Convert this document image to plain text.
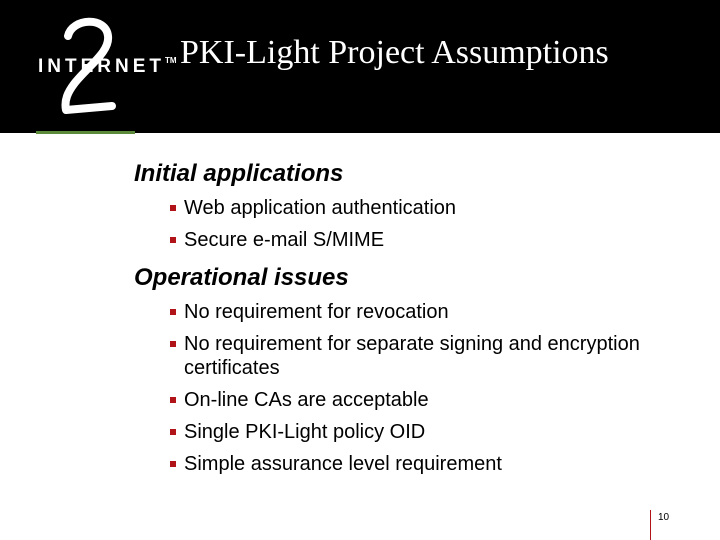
INTERNET™ PKI-Light Project Assumptions
Initial applications
Web application authentication
Secure e-mail S/MIME
Operational issues
No requirement for revocation
No requirement for separate signing and encryption certificates
On-line CAs are acceptable
Single PKI-Light policy OID
Simple assurance level requirement
10
